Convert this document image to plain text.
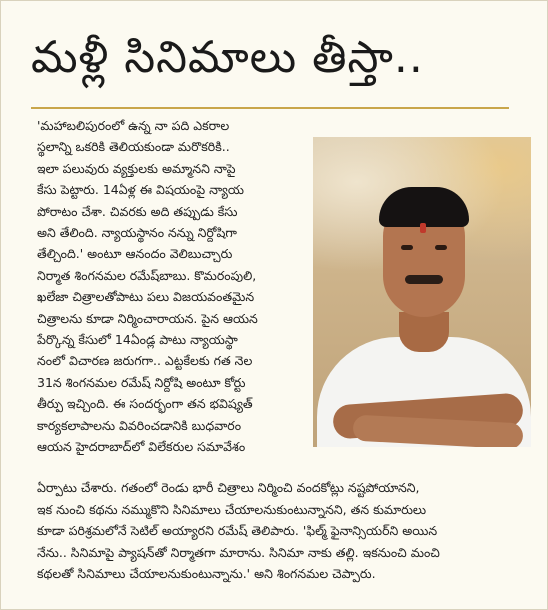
మళ్లీ సినిమాలు తీస్తా..

'మహాబలిపురంలో ఉన్న నా పది ఎకరాల

స్థలాన్ని ఒకరికి తెలియకుండా మరొకరికి..

ఇలా పలువురు వ్యక్తులకు అమ్మానని నాపై

కేసు పెట్టారు. 14ఏళ్ల ఈ విషయంపై న్యాయ

పోరాటం చేశా. చివరకు అది తప్పుడు కేసు

అని తేలింది. న్యాయస్థానం నన్ను నిర్దోషిగా

తేల్చింది.' అంటూ ఆనందం వెలిబుచ్చారు

నిర్మాత శింగనమల రమేష్‌బాబు. కొమరంపులి,

ఖలేజా చిత్రాలతోపాటు పలు విజయవంతమైన

చిత్రాలను కూడా నిర్మించారాయన. పైన ఆయన

పేర్కొన్న కేసులో 14ఏండ్ల పాటు న్యాయస్థా

నంలో విచారణ జరుగగా.. ఎట్టకేలకు గత నెల

31న శింగనమల రమేష్ నిర్దోషి అంటూ కోర్టు

తీర్పు ఇచ్చింది. ఈ సందర్భంగా తన భవిష్యత్

కార్యకలాపాలను వివరించడానికి బుధవారం

ఆయన హైదరాబాద్‌లో విలేకరుల సమావేశం

ఏర్పాటు చేశారు. గతంలో రెండు భారీ చిత్రాలు నిర్మించి వందకోట్లు నష్టపోయానని,

ఇక నుంచి కథను నమ్ముకొని సినిమాలు చేయాలనుకుంటున్నానని, తన కుమారులు

కూడా పరిశ్రమలోనే సెటిల్ అయ్యారని రమేష్ తెలిపారు. 'ఫిల్మ్ ఫైనాన్సియర్‌ని అయిన

నేను.. సినిమాపై ప్యాషన్‌తో నిర్మాతగా మారాను. సినిమా నాకు తల్లి. ఇకనుంచి మంచి

కథలతో సినిమాలు చేయాలనుకుంటున్నాను.' అని శింగనమల చెప్పారు.
